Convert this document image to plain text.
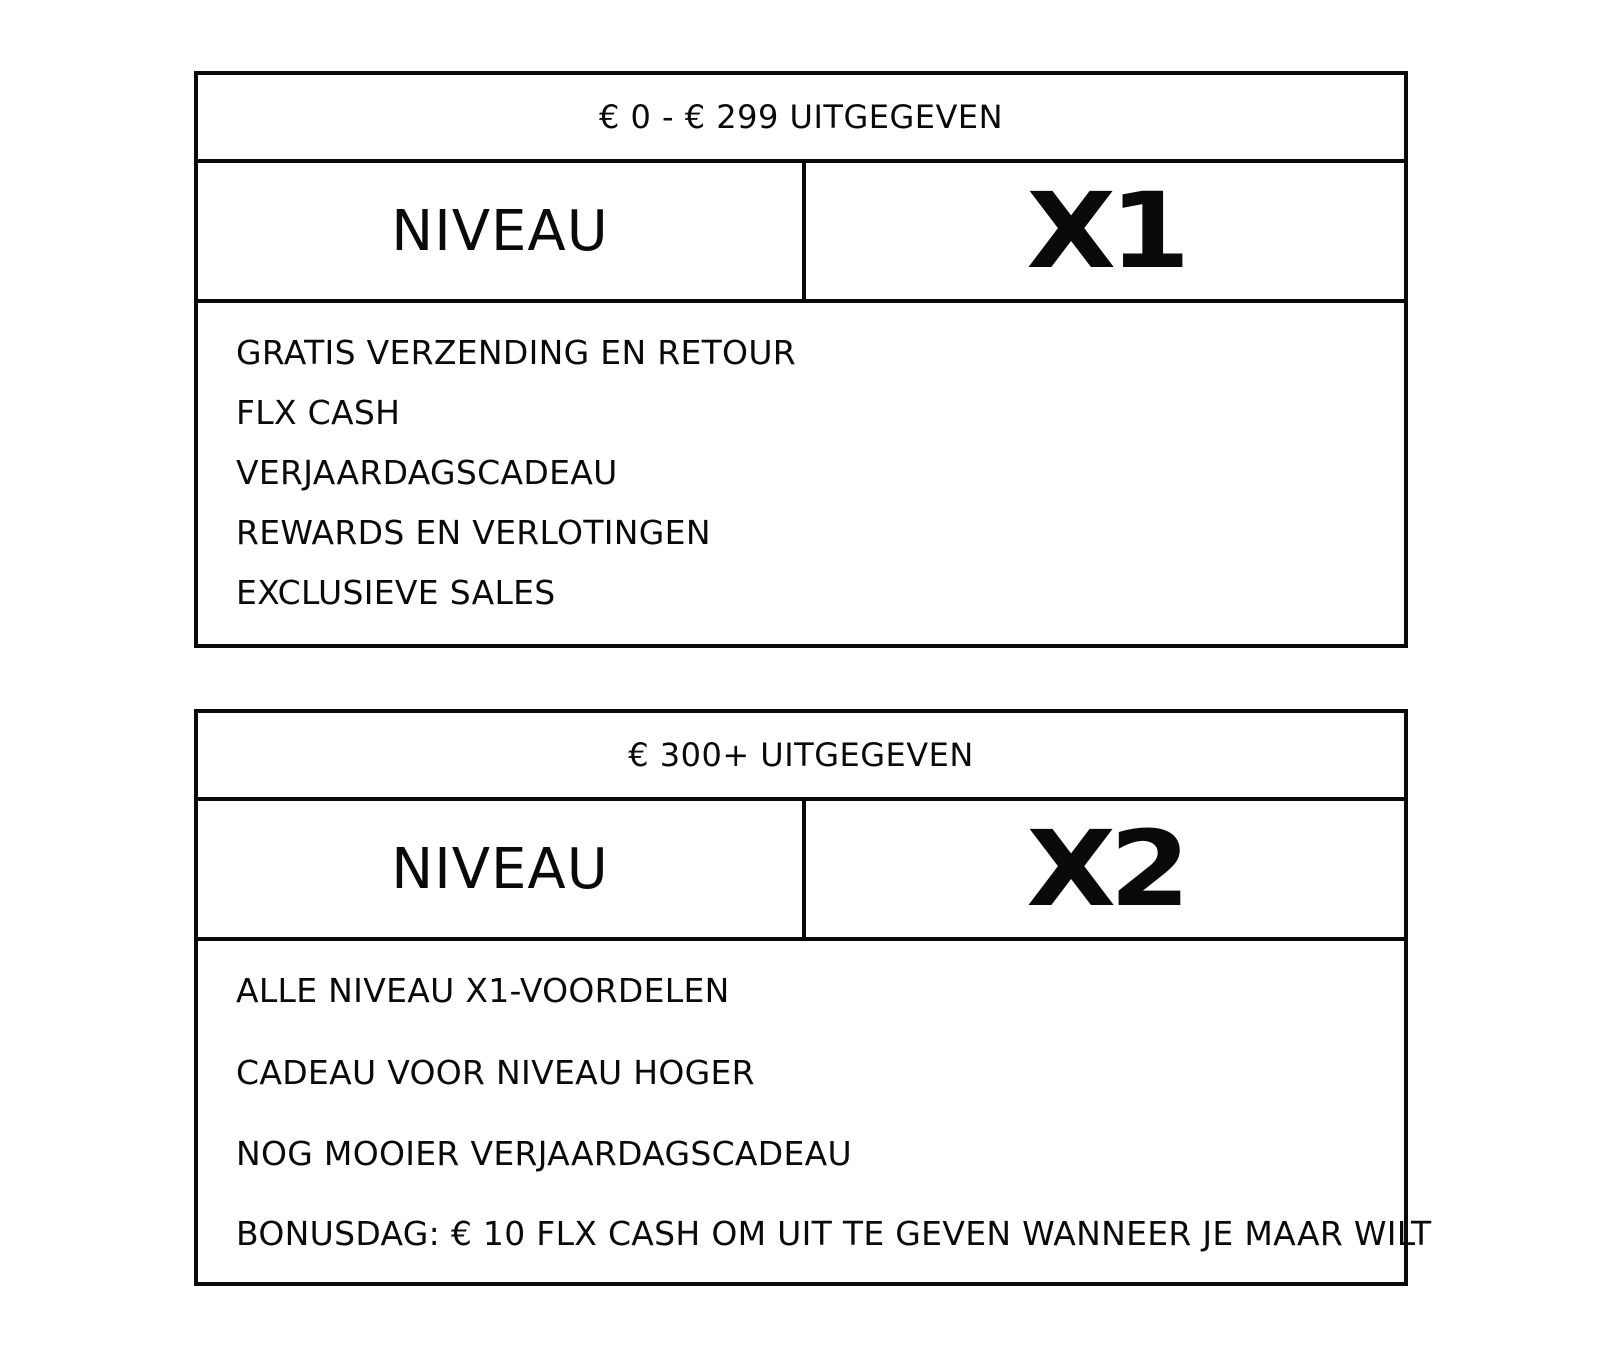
€ 0 - € 299 UITGEGEVEN
NIVEAU	X1
GRATIS VERZENDING EN RETOUR
FLX CASH
VERJAARDAGSCADEAU
REWARDS EN VERLOTINGEN
EXCLUSIEVE SALES
€ 300+ UITGEGEVEN
NIVEAU	X2
ALLE NIVEAU X1-VOORDELEN
CADEAU VOOR NIVEAU HOGER
NOG MOOIER VERJAARDAGSCADEAU
BONUSDAG: € 10 FLX CASH OM UIT TE GEVEN WANNEER JE MAAR WILT
